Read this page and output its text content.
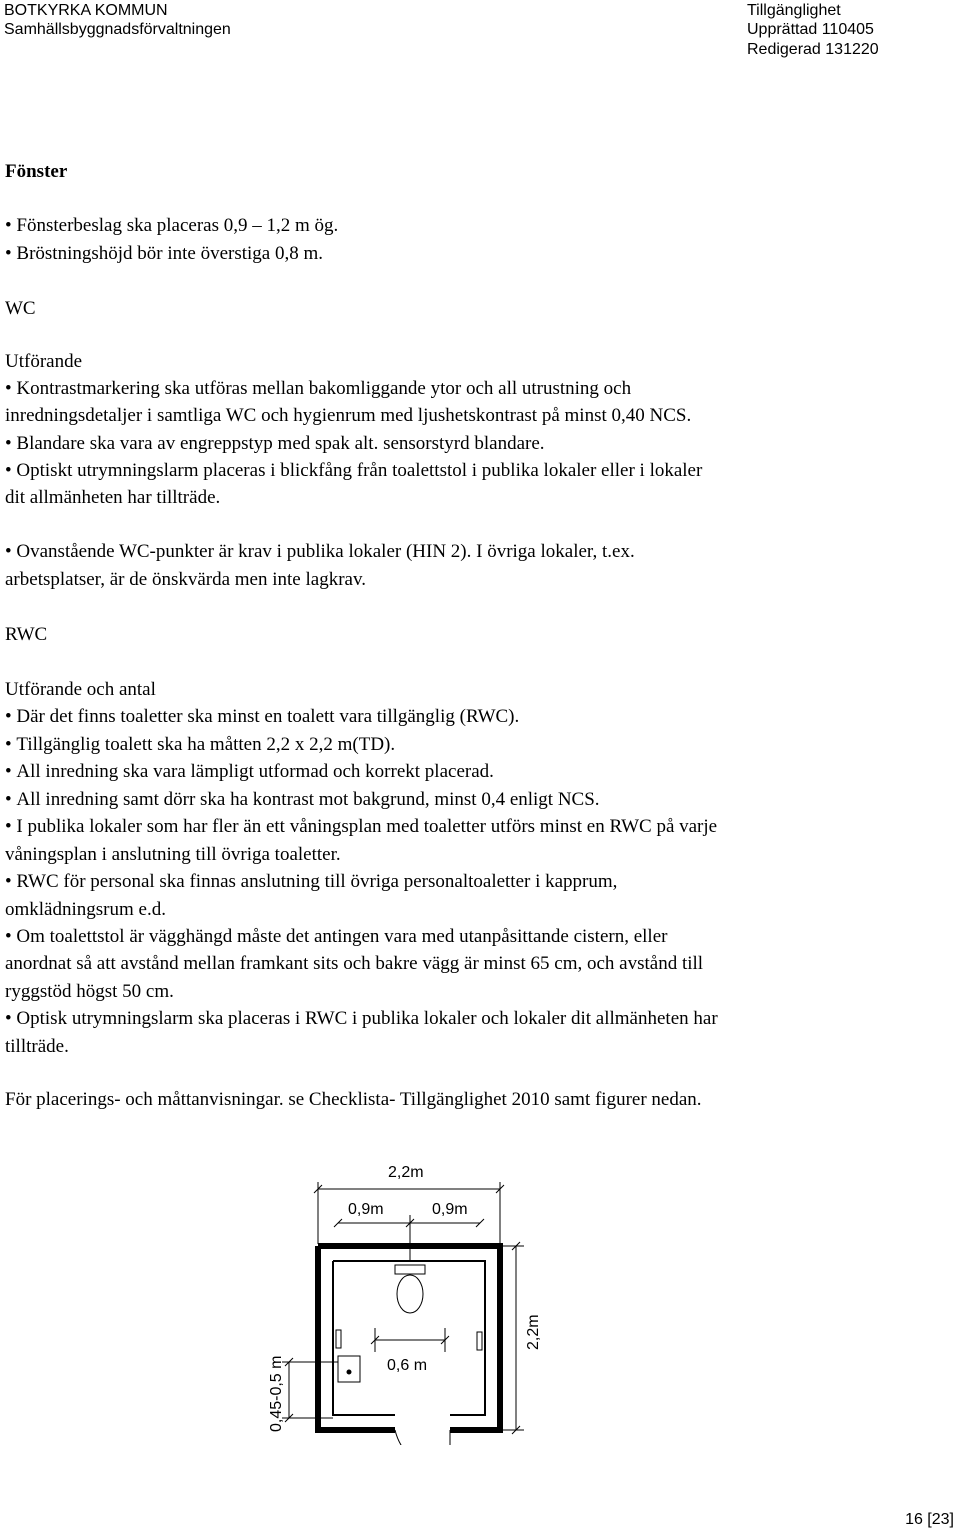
BOTKYRKA KOMMUN
Samhällsbyggnadsförvaltningen
Tillgänglighet
Upprättad 110405
Redigerad 131220
Fönster
• Fönsterbeslag ska placeras 0,9 – 1,2 m ög.
• Bröstningshöjd bör inte överstiga 0,8 m.
WC
Utförande
• Kontrastmarkering ska utföras mellan bakomliggande ytor och all utrustning och
inredningsdetaljer i samtliga WC och hygienrum med ljushetskontrast på minst 0,40 NCS.
• Blandare ska vara av engreppstyp med spak alt. sensorstyrd blandare.
• Optiskt utrymningslarm placeras i blickfång från toalettstol i publika lokaler eller i lokaler
dit allmänheten har tillträde.
• Ovanstående WC-punkter är krav i publika lokaler (HIN 2). I övriga lokaler, t.ex.
arbetsplatser, är de önskvärda men inte lagkrav.
RWC
Utförande och antal
• Där det finns toaletter ska minst en toalett vara tillgänglig (RWC).
• Tillgänglig toalett ska ha måtten 2,2 x 2,2 m(TD).
• All inredning ska vara lämpligt utformad och korrekt placerad.
• All inredning samt dörr ska ha kontrast mot bakgrund, minst 0,4 enligt NCS.
• I publika lokaler som har fler än ett våningsplan med toaletter utförs minst en RWC på varje
våningsplan i anslutning till övriga toaletter.
• RWC för personal ska finnas anslutning till övriga personaltoaletter i kapprum,
omklädningsrum e.d.
• Om toalettstol är vägghängd måste det antingen vara med utanpåsittande cistern, eller
anordnat så att avstånd mellan framkant sits och bakre vägg är minst 65 cm, och avstånd till
ryggstöd högst 50 cm.
• Optisk utrymningslarm ska placeras i RWC i publika lokaler och lokaler dit allmänheten har
tillträde.
För placerings- och måttanvisningar. se Checklista- Tillgänglighet 2010 samt figurer nedan.
2,2m
0,9m	0,9m
0,6 m
2,2m
0,45-0,5 m
16 [23]
